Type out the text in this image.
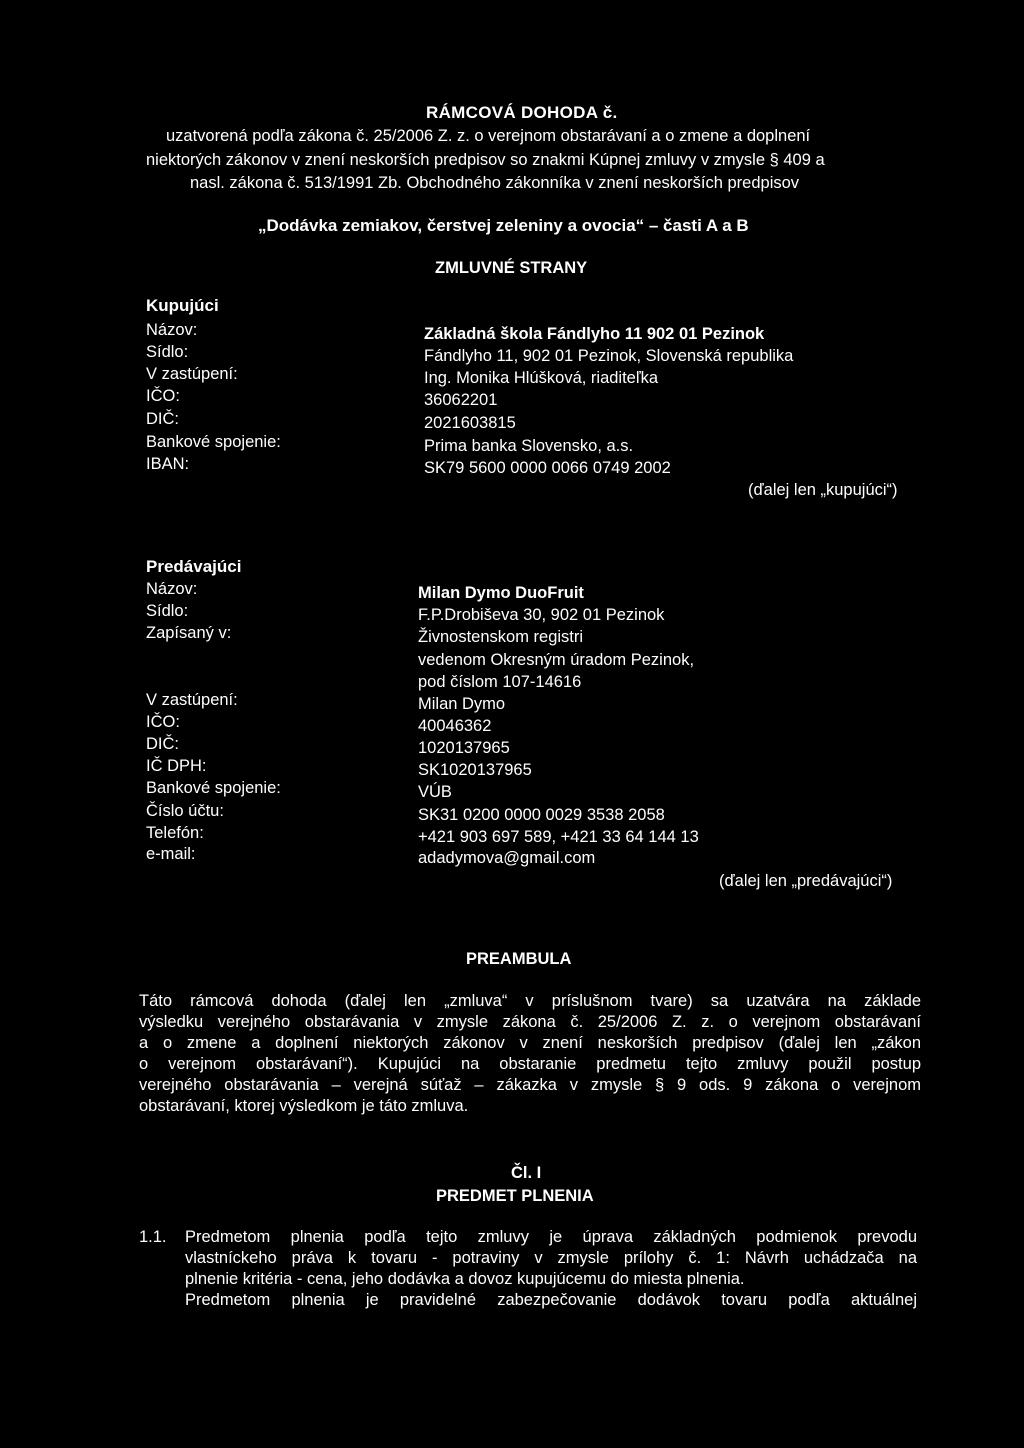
RÁMCOVÁ DOHODA č.
uzatvorená podľa zákona č. 25/2006 Z. z. o verejnom obstarávaní a o zmene a doplnení
niektorých zákonov v znení neskorších predpisov so znakmi Kúpnej zmluvy v zmysle § 409 a
nasl. zákona č. 513/1991 Zb. Obchodného zákonníka v znení neskorších predpisov
„Dodávka zemiakov, čerstvej zeleniny a ovocia“ – časti A a B
ZMLUVNÉ STRANY
Kupujúci
Názov:	Základná škola Fándlyho 11 902 01 Pezinok
Sídlo:	Fándlyho 11, 902 01 Pezinok, Slovenská republika
V zastúpení:	Ing. Monika Hlúšková, riaditeľka
IČO:	36062201
DIČ:	2021603815
Bankové spojenie:	Prima banka Slovensko, a.s.
IBAN:	SK79 5600 0000 0066 0749 2002
(ďalej len „kupujúci“)
Predávajúci
Názov:	Milan Dymo DuoFruit
Sídlo:	F.P.Drobiševa 30, 902 01 Pezinok
Zapísaný v:	Živnostenskom registri
vedenom Okresným úradom Pezinok,
pod číslom 107-14616
V zastúpení:	Milan Dymo
IČO:	40046362
DIČ:	1020137965
IČ DPH:	SK1020137965
Bankové spojenie:	VÚB
Číslo účtu:	SK31 0200 0000 0029 3538 2058
Telefón:	+421 903 697 589, +421 33 64 144 13
e-mail:	adadymova@gmail.com
(ďalej len „predávajúci“)
PREAMBULA
Táto rámcová dohoda (ďalej len „zmluva“ v príslušnom tvare) sa uzatvára na základe
výsledku verejného obstarávania v zmysle zákona č. 25/2006 Z. z. o verejnom obstarávaní
a o zmene a doplnení niektorých zákonov v znení neskorších predpisov (ďalej len „zákon
o verejnom obstarávaní“). Kupujúci na obstaranie predmetu tejto zmluvy použil postup
verejného obstarávania – verejná súťaž – zákazka v zmysle § 9 ods. 9 zákona o verejnom
obstarávaní, ktorej výsledkom je táto zmluva.
Čl. I
PREDMET PLNENIA
1.1. Predmetom plnenia podľa tejto zmluvy je úprava základných podmienok prevodu
vlastníckeho práva k tovaru - potraviny v zmysle prílohy č. 1: Návrh uchádzača na
plnenie kritéria - cena, jeho dodávka a dovoz kupujúcemu do miesta plnenia.
Predmetom plnenia je pravidelné zabezpečovanie dodávok tovaru podľa aktuálnej
